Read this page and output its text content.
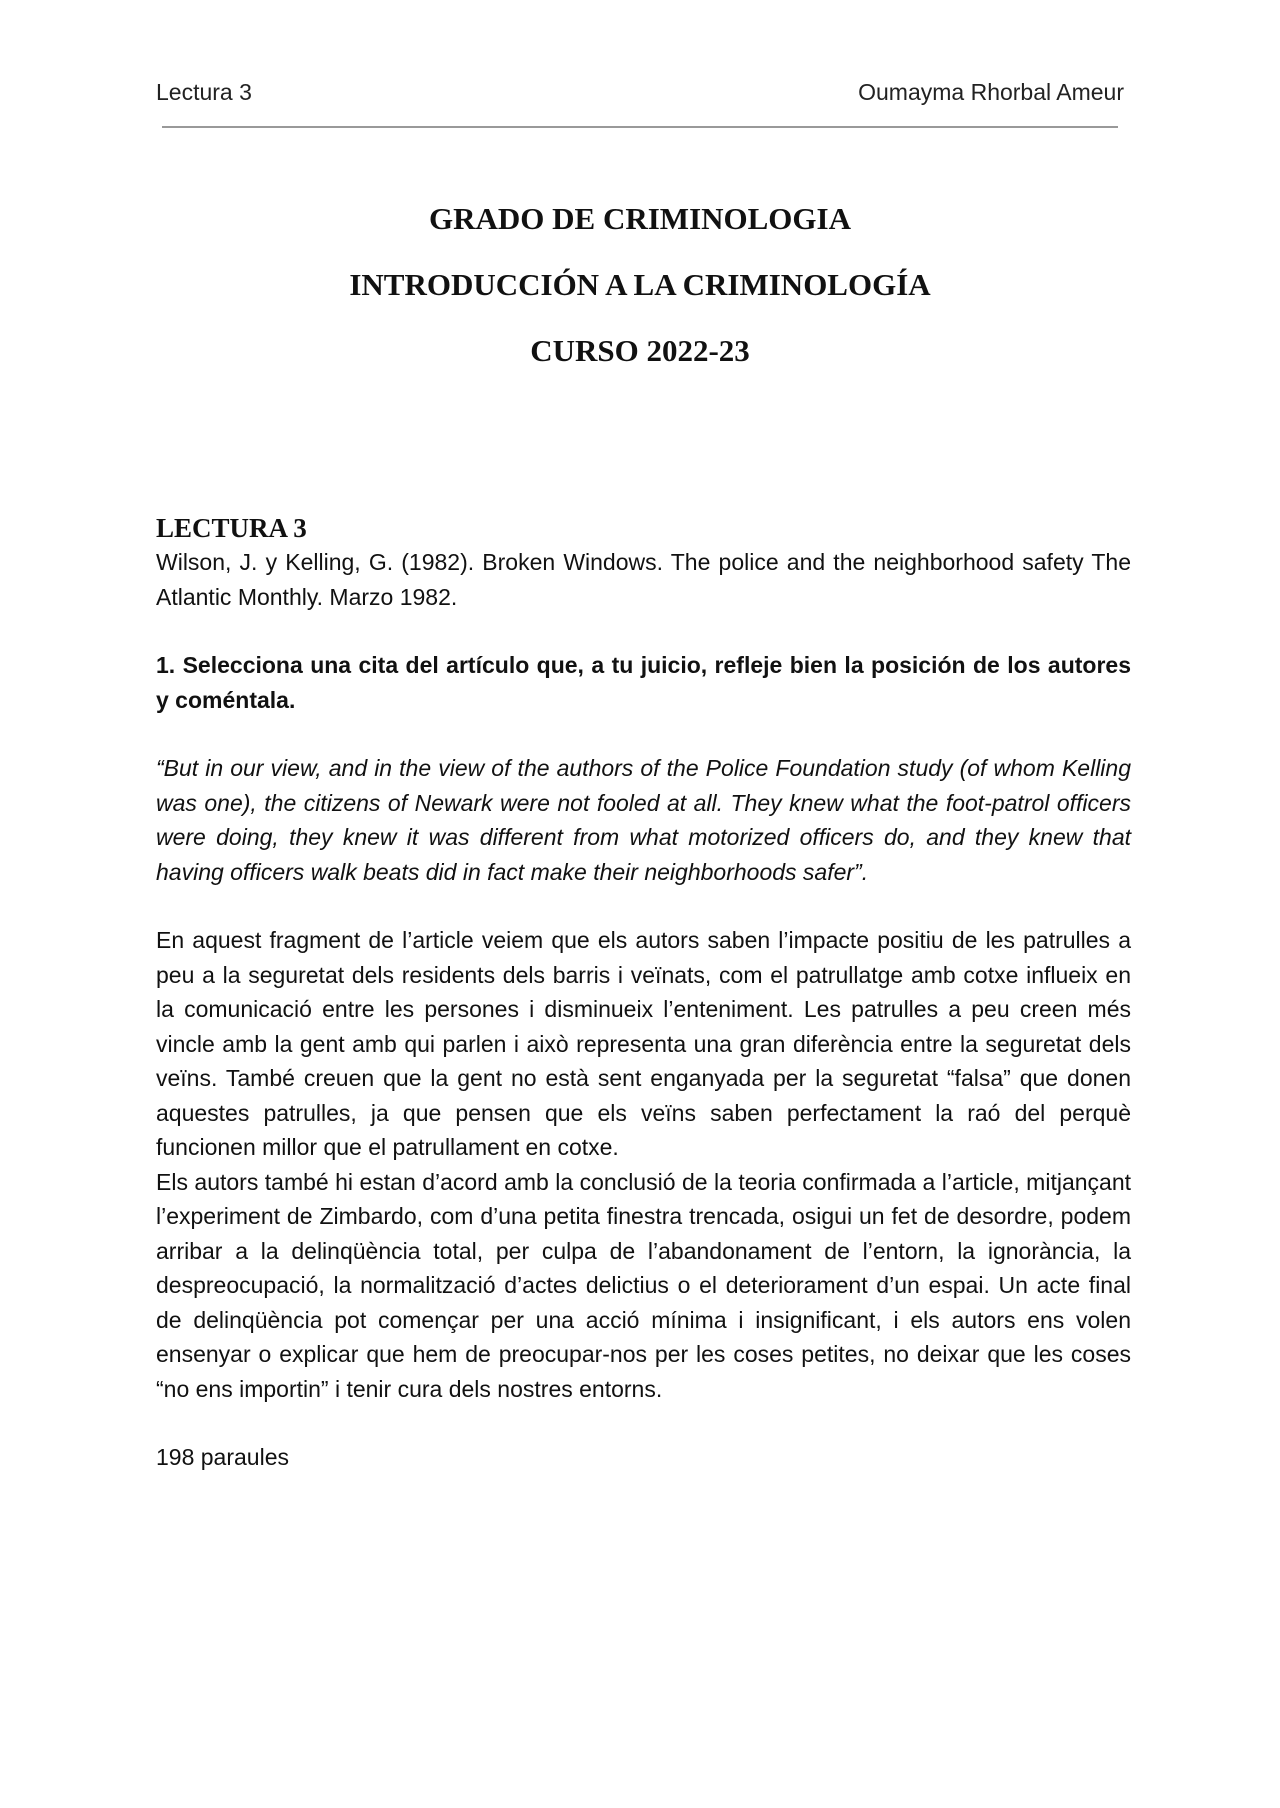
Lectura 3	Oumayma Rhorbal Ameur
GRADO DE CRIMINOLOGIA
INTRODUCCIÓN A LA CRIMINOLOGÍA
CURSO 2022-23

LECTURA 3

Wilson, J. y Kelling, G. (1982). Broken Windows. The police and the neighborhood safety The Atlantic Monthly. Marzo 1982.

1. Selecciona una cita del artículo que, a tu juicio, refleje bien la posición de los autores y coméntala.

“But in our view, and in the view of the authors of the Police Foundation study (of whom Kelling was one), the citizens of Newark were not fooled at all. They knew what the foot-patrol officers were doing, they knew it was different from what motorized officers do, and they knew that having officers walk beats did in fact make their neighborhoods safer”.

En aquest fragment de l’article veiem que els autors saben l’impacte positiu de les patrulles a peu a la seguretat dels residents dels barris i veïnats, com el patrullatge amb cotxe influeix en la comunicació entre les persones i disminueix l’enteniment. Les patrulles a peu creen més vincle amb la gent amb qui parlen i això representa una gran diferència entre la seguretat dels veïns. També creuen que la gent no està sent enganyada per la seguretat “falsa” que donen aquestes patrulles, ja que pensen que els veïns saben perfectament la raó del perquè funcionen millor que el patrullament en cotxe.

Els autors també hi estan d’acord amb la conclusió de la teoria confirmada a l’article, mitjançant l’experiment de Zimbardo, com d’una petita finestra trencada, osigui un fet de desordre, podem arribar a la delinqüència total, per culpa de l’abandonament de l’entorn, la ignorància, la despreocupació, la normalització d’actes delictius o el deteriorament d’un espai. Un acte final de delinqüència pot començar per una acció mínima i insignificant, i els autors ens volen ensenyar o explicar que hem de preocupar-nos per les coses petites, no deixar que les coses “no ens importin” i tenir cura dels nostres entorns.

198 paraules
